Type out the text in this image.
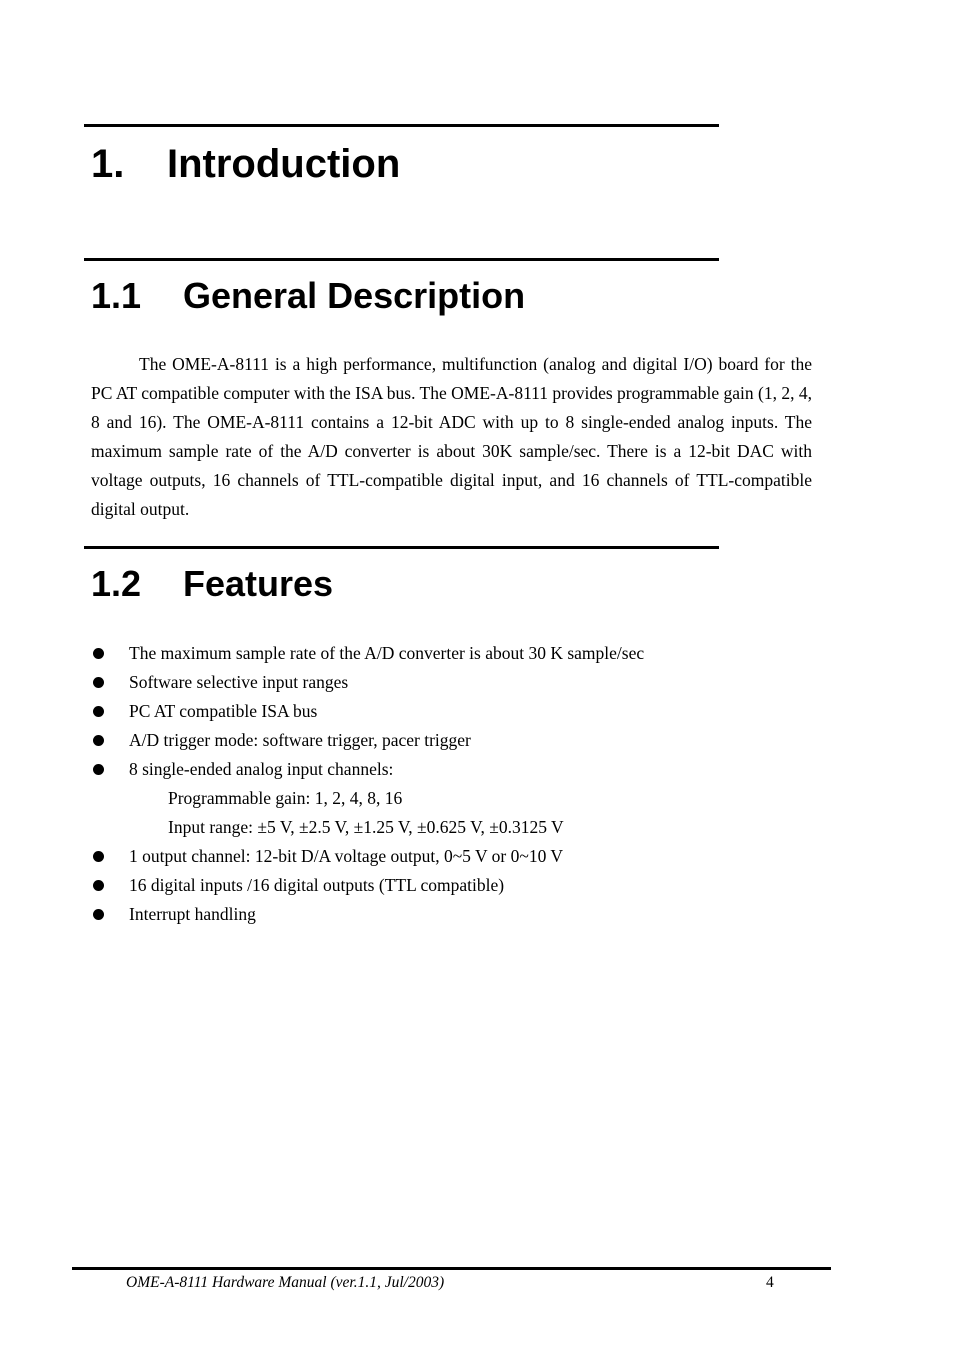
1. Introduction
1.1 General Description

The OME-A-8111 is a high performance, multifunction (analog and digital I/O) board for the PC AT compatible computer with the ISA bus. The OME-A-8111 provides programmable gain (1, 2, 4, 8 and 16). The OME-A-8111 contains a 12-bit ADC with up to 8 single-ended analog inputs. The maximum sample rate of the A/D converter is about 30K sample/sec. There is a 12-bit DAC with voltage outputs, 16 channels of TTL-compatible digital input, and 16 channels of TTL-compatible digital output.

1.2 Features
The maximum sample rate of the A/D converter is about 30 K sample/sec
Software selective input ranges
PC AT compatible ISA bus
A/D trigger mode: software trigger, pacer trigger
8 single-ended analog input channels:
Programmable gain: 1, 2, 4, 8, 16
Input range: ±5 V, ±2.5 V, ±1.25 V, ±0.625 V, ±0.3125 V
1 output channel: 12-bit D/A voltage output, 0~5 V or 0~10 V
16 digital inputs /16 digital outputs (TTL compatible)
Interrupt handling
OME-A-8111 Hardware Manual (ver.1.1, Jul/2003)	4
